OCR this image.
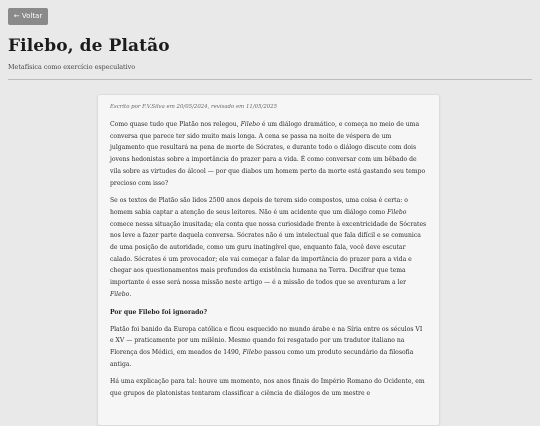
← Voltar
Filebo, de Platão
Metafísica como exercício especulativo

Escrito por F.V.Silva em 20/05/2024, revisado em 11/05/2025

Como quase tudo que Platão nos relegou, Filebo é um diálogo dramático, e começa no meio de uma conversa que parece ter sido muito mais longa. A cena se passa na noite de véspera de um julgamento que resultará na pena de morte de Sócrates, e durante todo o diálogo discute com dois jovens hedonistas sobre a importância do prazer para a vida. É como conversar com um bêbado de vila sobre as virtudes do álcool — por que diabos um homem perto da morte está gastando seu tempo precioso com isso?

Se os textos de Platão são lidos 2500 anos depois de terem sido compostos, uma coisa é certa: o homem sabia captar a atenção de seus leitores. Não é um acidente que um diálogo como Filebo comece nessa situação inusitada; ela conta que nossa curiosidade frente à excentricidade de Sócrates nos leve a fazer parte daquela conversa. Sócrates não é um intelectual que fala difícil e se comunica de uma posição de autoridade, como um guru inatingível que, enquanto fala, você deve escutar calado. Sócrates é um provocador; ele vai começar a falar da importância do prazer para a vida e chegar aos questionamentos mais profundos da existência humana na Terra. Decifrar que tema importante é esse será nossa missão neste artigo — é a missão de todos que se aventuram a ler Filebo.

Por que Filebo foi ignorado?

Platão foi banido da Europa católica e ficou esquecido no mundo árabe e na Síria entre os séculos VI e XV — praticamente por um milênio. Mesmo quando foi resgatado por um tradutor italiano na Florença dos Médici, em meados de 1490, Filebo passou como um produto secundário da filosofia antiga.

Há uma explicação para tal: houve um momento, nos anos finais do Império Romano do Ocidente, em que grupos de platonistas tentaram classificar a ciência de diálogos de um mestre e
